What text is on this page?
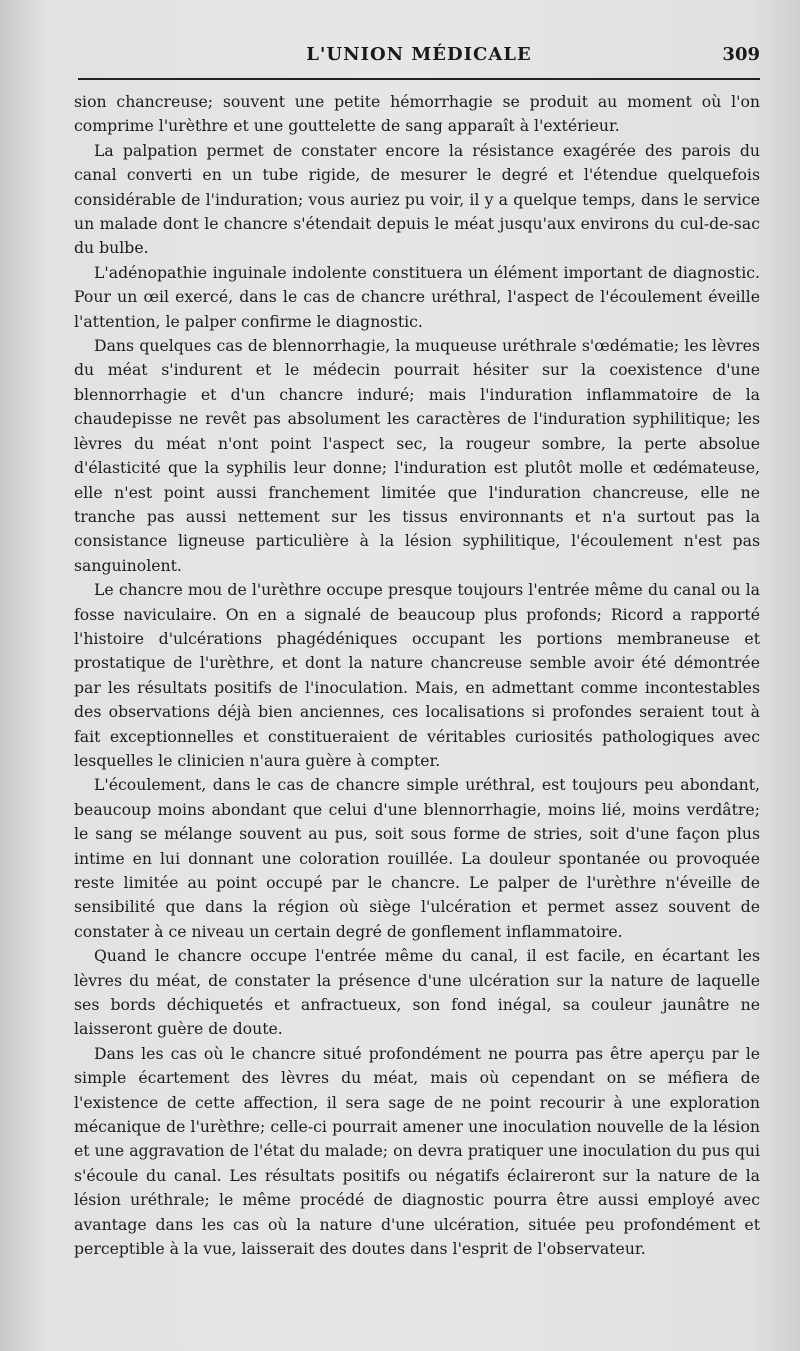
L'UNION MÉDICALE	309

sion chancreuse; souvent une petite hémorrhagie se produit au moment où l'on comprime l'urèthre et une gouttelette de sang apparaît à l'extérieur.

La palpation permet de constater encore la résistance exagérée des parois du canal converti en un tube rigide, de mesurer le degré et l'étendue quelquefois considérable de l'induration; vous auriez pu voir, il y a quelque temps, dans le service un malade dont le chancre s'étendait depuis le méat jusqu'aux environs du cul-de-sac du bulbe.

L'adénopathie inguinale indolente constituera un élément important de diagnostic. Pour un œil exercé, dans le cas de chancre uréthral, l'aspect de l'écoulement éveille l'attention, le palper confirme le diagnostic.

Dans quelques cas de blennorrhagie, la muqueuse uréthrale s'œdématie; les lèvres du méat s'indurent et le médecin pourrait hésiter sur la coexistence d'une blennorrhagie et d'un chancre induré; mais l'induration inflammatoire de la chaudepisse ne revêt pas absolument les caractères de l'induration syphilitique; les lèvres du méat n'ont point l'aspect sec, la rougeur sombre, la perte absolue d'élasticité que la syphilis leur donne; l'induration est plutôt molle et œdémateuse, elle n'est point aussi franchement limitée que l'induration chancreuse, elle ne tranche pas aussi nettement sur les tissus environnants et n'a surtout pas la consistance ligneuse particulière à la lésion syphilitique, l'écoulement n'est pas sanguinolent.

Le chancre mou de l'urèthre occupe presque toujours l'entrée même du canal ou la fosse naviculaire. On en a signalé de beaucoup plus profonds; Ricord a rapporté l'histoire d'ulcérations phagédéniques occupant les portions membraneuse et prostatique de l'urèthre, et dont la nature chancreuse semble avoir été démontrée par les résultats positifs de l'inoculation. Mais, en admettant comme incontestables des observations déjà bien anciennes, ces localisations si profondes seraient tout à fait exceptionnelles et constitueraient de véritables curiosités pathologiques avec lesquelles le clinicien n'aura guère à compter.

L'écoulement, dans le cas de chancre simple uréthral, est toujours peu abondant, beaucoup moins abondant que celui d'une blennorrhagie, moins lié, moins verdâtre; le sang se mélange souvent au pus, soit sous forme de stries, soit d'une façon plus intime en lui donnant une coloration rouillée. La douleur spontanée ou provoquée reste limitée au point occupé par le chancre. Le palper de l'urèthre n'éveille de sensibilité que dans la région où siège l'ulcération et permet assez souvent de constater à ce niveau un certain degré de gonflement inflammatoire.

Quand le chancre occupe l'entrée même du canal, il est facile, en écartant les lèvres du méat, de constater la présence d'une ulcération sur la nature de laquelle ses bords déchiquetés et anfractueux, son fond inégal, sa couleur jaunâtre ne laisseront guère de doute.

Dans les cas où le chancre situé profondément ne pourra pas être aperçu par le simple écartement des lèvres du méat, mais où cependant on se méfiera de l'existence de cette affection, il sera sage de ne point recourir à une exploration mécanique de l'urèthre; celle-ci pourrait amener une inoculation nouvelle de la lésion et une aggravation de l'état du malade; on devra pratiquer une inoculation du pus qui s'écoule du canal. Les résultats positifs ou négatifs éclaireront sur la nature de la lésion uréthrale; le même procédé de diagnostic pourra être aussi employé avec avantage dans les cas où la nature d'une ulcération, située peu profondément et perceptible à la vue, laisserait des doutes dans l'esprit de l'observateur.
